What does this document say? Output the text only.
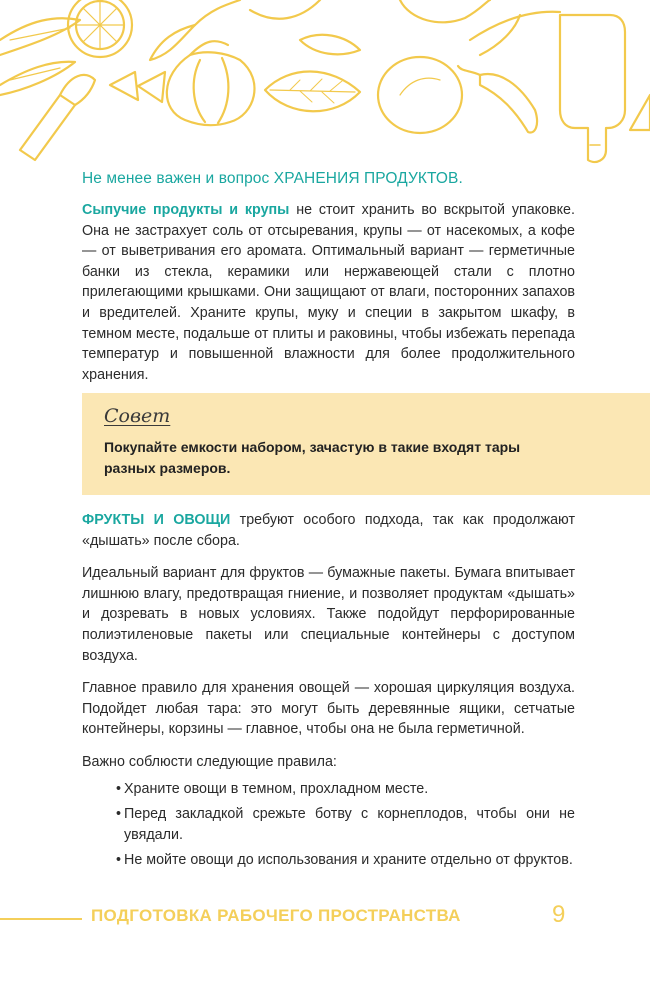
Не менее важен и вопрос ХРАНЕНИЯ ПРОДУКТОВ.

Сыпучие продукты и крупы не стоит хранить во вскрытой упаковке. Она не застрахует соль от отсыревания, крупы — от насекомых, а кофе — от выветривания его аромата. Оптимальный вариант — герметичные банки из стекла, керамики или нержавеющей стали с плотно прилегающими крышками. Они защищают от влаги, посторонних запахов и вредителей. Храните крупы, муку и специи в закрытом шкафу, в темном месте, подальше от плиты и раковины, чтобы избежать перепада температур и повышенной влажности для более продолжительного хранения.

Совет
Покупайте емкости набором, зачастую в такие входят тары разных размеров.

ФРУКТЫ И ОВОЩИ требуют особого подхода, так как продолжают «дышать» после сбора.

Идеальный вариант для фруктов — бумажные пакеты. Бумага впитывает лишнюю влагу, предотвращая гниение, и позволяет продуктам «дышать» и дозревать в новых условиях. Также подойдут перфорированные полиэтиленовые пакеты или специальные контейнеры с доступом воздуха.

Главное правило для хранения овощей — хорошая циркуляция воздуха. Подойдет любая тара: это могут быть деревянные ящики, сетчатые контейнеры, корзины — главное, чтобы она не была герметичной.

Важно соблюсти следующие правила:

Храните овощи в темном, прохладном месте.
Перед закладкой срежьте ботву с корнеплодов, чтобы они не увядали.
Не мойте овощи до использования и храните отдельно от фруктов.
ПОДГОТОВКА РАБОЧЕГО ПРОСТРАНСТВА	9
